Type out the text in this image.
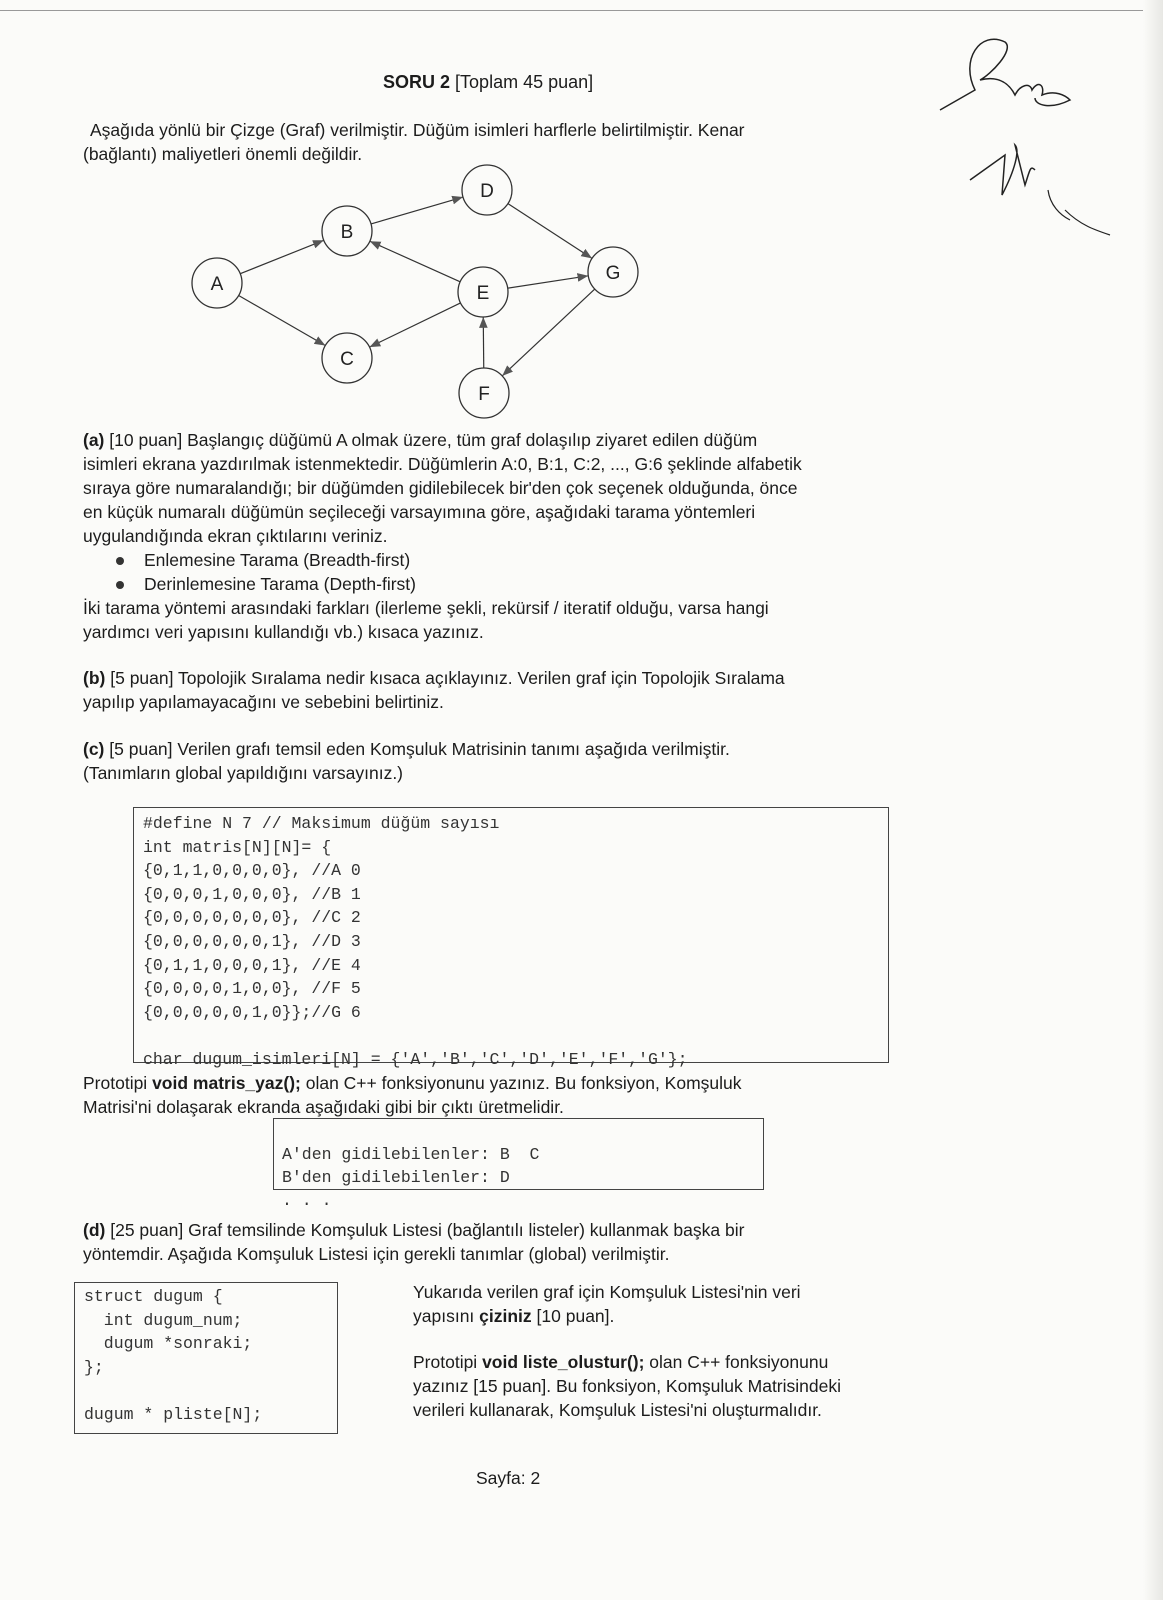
SORU 2 [Toplam 45 puan]
Aşağıda yönlü bir Çizge (Graf) verilmiştir. Düğüm isimleri harflerle belirtilmiştir. Kenar
(bağlantı) maliyetleri önemli değildir.
A
B
C
D
E
F
G
(a) [10 puan] Başlangıç düğümü A olmak üzere, tüm graf dolaşılıp ziyaret edilen düğüm
isimleri ekrana yazdırılmak istenmektedir. Düğümlerin A:0, B:1, C:2, ..., G:6 şeklinde alfabetik
sıraya göre numaralandığı; bir düğümden gidilebilecek bir'den çok seçenek olduğunda, önce
en küçük numaralı düğümün seçileceği varsayımına göre, aşağıdaki tarama yöntemleri
uygulandığında ekran çıktılarını veriniz.
Enlemesine Tarama (Breadth-first)
Derinlemesine Tarama (Depth-first)
İki tarama yöntemi arasındaki farkları (ilerleme şekli, rekürsif / iteratif olduğu, varsa hangi
yardımcı veri yapısını kullandığı vb.) kısaca yazınız.
(b) [5 puan] Topolojik Sıralama nedir kısaca açıklayınız. Verilen graf için Topolojik Sıralama
yapılıp yapılamayacağını ve sebebini belirtiniz.
(c) [5 puan] Verilen grafı temsil eden Komşuluk Matrisinin tanımı aşağıda verilmiştir.
(Tanımların global yapıldığını varsayınız.)
#define N 7 // Maksimum düğüm sayısı
int matris[N][N]= {
{0,1,1,0,0,0,0}, //A 0
{0,0,0,1,0,0,0}, //B 1
{0,0,0,0,0,0,0}, //C 2
{0,0,0,0,0,0,1}, //D 3
{0,1,1,0,0,0,1}, //E 4
{0,0,0,0,1,0,0}, //F 5
{0,0,0,0,0,1,0}};//G 6

char dugum_isimleri[N] = {'A','B','C','D','E','F','G'};
Prototipi void matris_yaz(); olan C++ fonksiyonunu yazınız. Bu fonksiyon, Komşuluk
Matrisi'ni dolaşarak ekranda aşağıdaki gibi bir çıktı üretmelidir.

A'den gidilebilenler: B  C
B'den gidilebilenler: D
. . .
(d) [25 puan] Graf temsilinde Komşuluk Listesi (bağlantılı listeler) kullanmak başka bir
yöntemdir. Aşağıda Komşuluk Listesi için gerekli tanımlar (global) verilmiştir.
struct dugum {
int dugum_num;
dugum *sonraki;
};

dugum * pliste[N];
Yukarıda verilen graf için Komşuluk Listesi'nin veri
yapısını çiziniz [10 puan].
Prototipi void liste_olustur(); olan C++ fonksiyonunu
yazınız [15 puan]. Bu fonksiyon, Komşuluk Matrisindeki
verileri kullanarak, Komşuluk Listesi'ni oluşturmalıdır.
Sayfa: 2
